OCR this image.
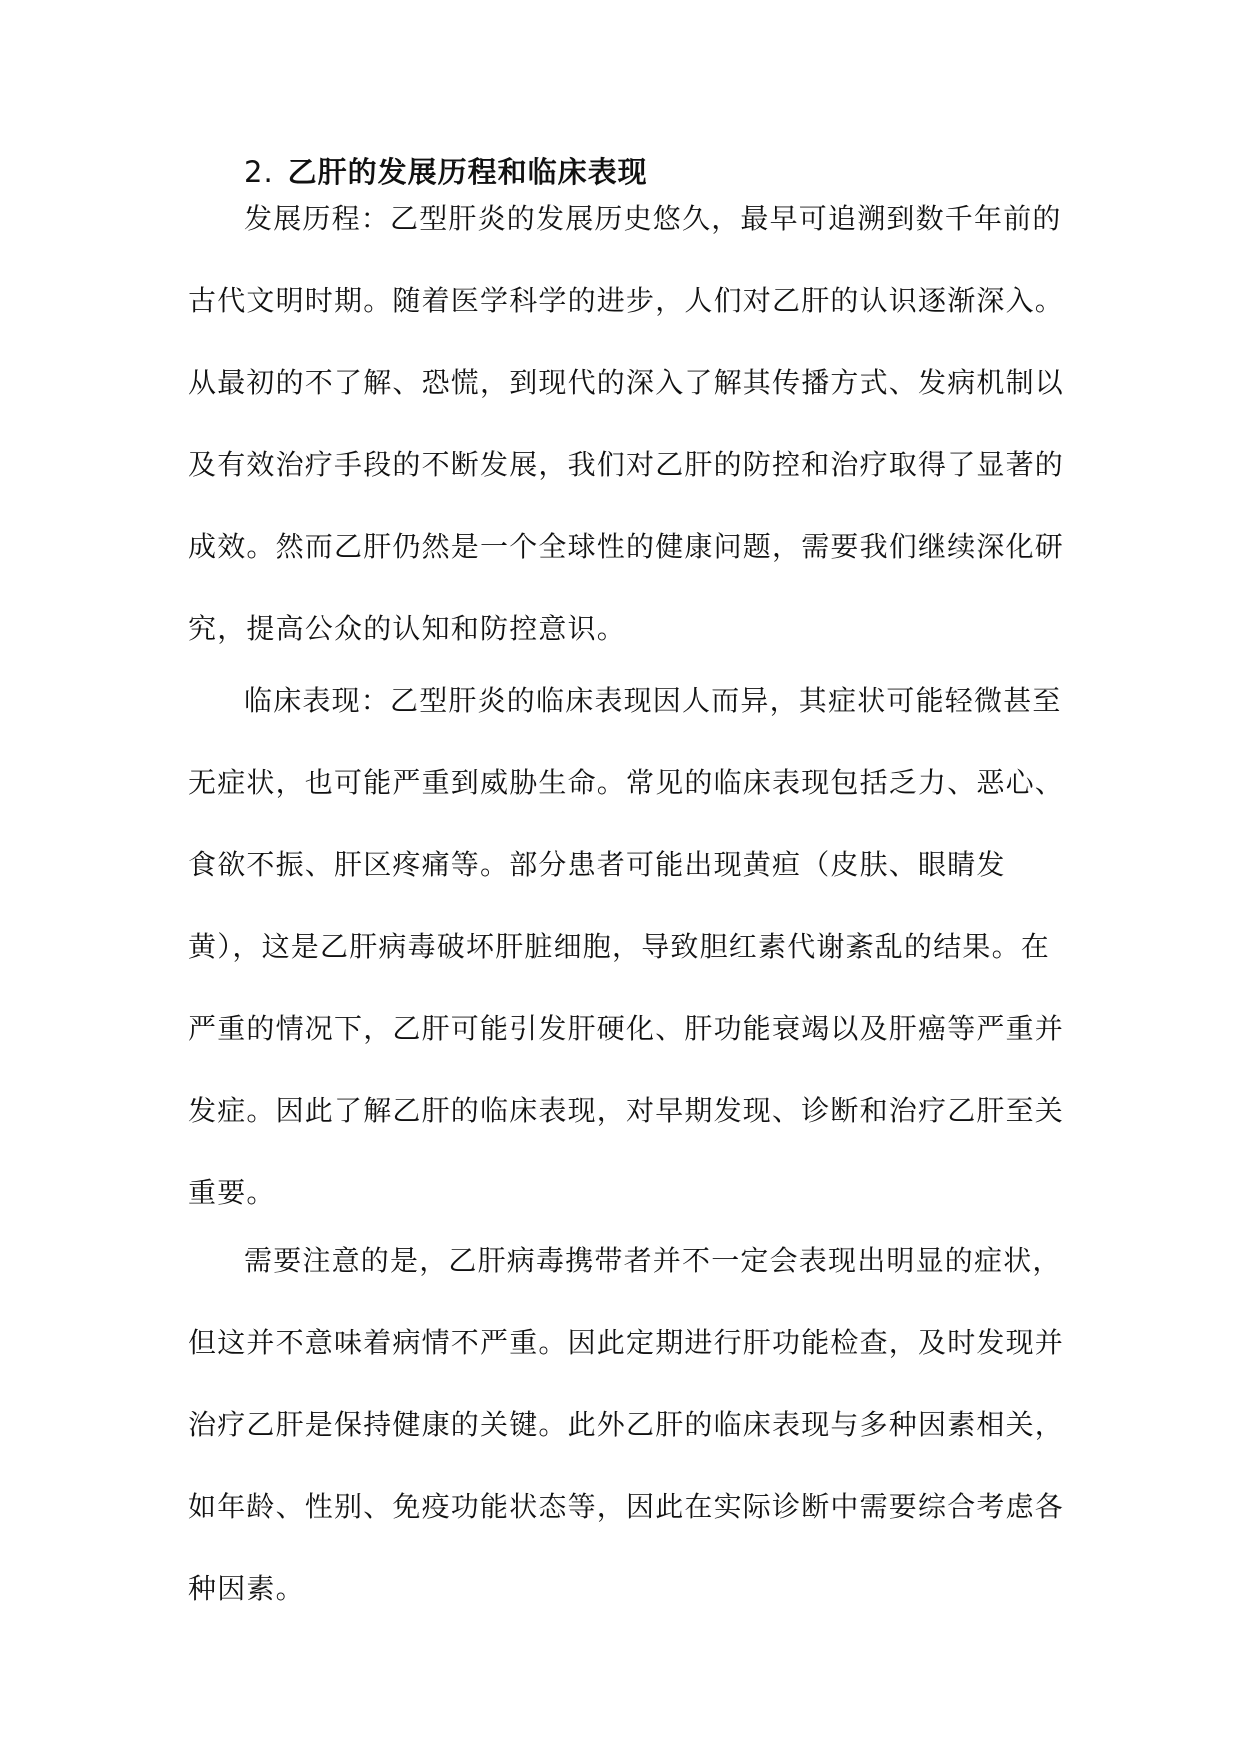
2. 乙肝的发展历程和临床表现
发展历程：乙型肝炎的发展历史悠久，最早可追溯到数千年前的
古代文明时期。随着医学科学的进步，人们对乙肝的认识逐渐深入。
从最初的不了解、恐慌，到现代的深入了解其传播方式、发病机制以
及有效治疗手段的不断发展，我们对乙肝的防控和治疗取得了显著的
成效。然而乙肝仍然是一个全球性的健康问题，需要我们继续深化研
究，提高公众的认知和防控意识。
临床表现：乙型肝炎的临床表现因人而异，其症状可能轻微甚至
无症状，也可能严重到威胁生命。常见的临床表现包括乏力、恶心、
食欲不振、肝区疼痛等。部分患者可能出现黄疸（皮肤、眼睛发
黄），这是乙肝病毒破坏肝脏细胞，导致胆红素代谢紊乱的结果。在
严重的情况下，乙肝可能引发肝硬化、肝功能衰竭以及肝癌等严重并
发症。因此了解乙肝的临床表现，对早期发现、诊断和治疗乙肝至关
重要。
需要注意的是，乙肝病毒携带者并不一定会表现出明显的症状，
但这并不意味着病情不严重。因此定期进行肝功能检查，及时发现并
治疗乙肝是保持健康的关键。此外乙肝的临床表现与多种因素相关，
如年龄、性别、免疫功能状态等，因此在实际诊断中需要综合考虑各
种因素。
